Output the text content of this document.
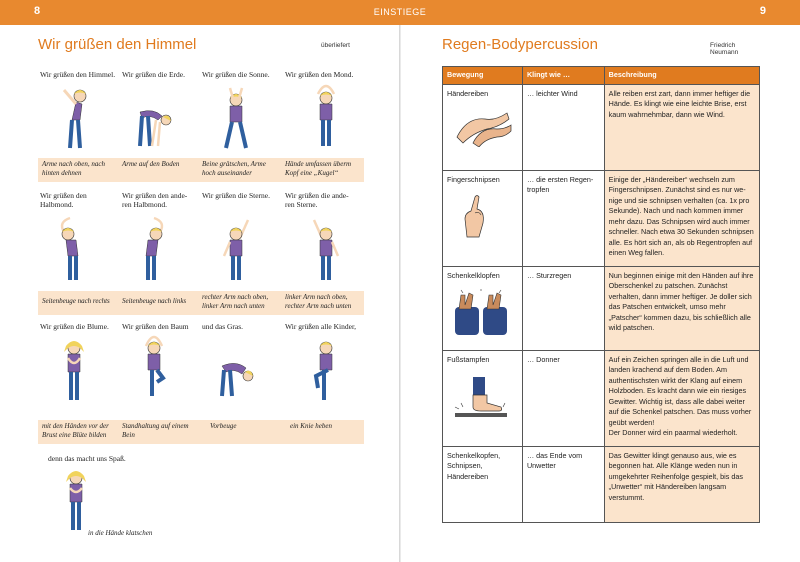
8	EINSTIEGE	9
Wir grüßen den Himmel	überliefert
Wir grüßen den Himmel. Wir grüßen die Erde.	Wir grüßen die Sonne.	Wir grüßen den Mond.
Arme nach oben, nach
hinten dehnen
Arme auf den Boden	Beine grätschen, Arme
hoch auseinander
Hände umfassen überm
Kopf eine „Kugel“
Wir grüßen den Halbmond.
Wir grüßen den ande-
ren Halbmond.
Wir grüßen die Sterne.	Wir grüßen die ande-
ren Sterne.
Seitenbeuge nach rechts	Seitenbeuge nach links	rechter Arm nach oben,
linker Arm nach unten
linker Arm nach oben,
rechter Arm nach unten
Wir grüßen die Blume.	Wir grüßen den Baum	und das Gras.	Wir grüßen alle Kinder,
mit den Händen vor der
Brust eine Blüte bilden
Standhaltung auf einem
Bein
Vorbeuge	ein Knie heben
denn das macht uns Spaß.
in die Hände klatschen
Regen-Bodypercussion	Friedrich Neumann
Bewegung	Klingt wie …	Beschreibung
Händereiben	… leichter Wind	Alle reiben erst zart, dann immer heftiger die Hände. Es klingt wie eine leichte Brise, erst kaum wahrnehmbar, dann wie Wind.
Fingerschnipsen	… die ersten Regen-tropfen	Einige der „Händereiber“ wechseln zum Fingerschnipsen. Zunächst sind es nur we-nige und sie schnipsen verhalten (ca. 1x pro Sekunde). Nach und nach kommen immer mehr dazu. Das Schnipsen wird auch immer schneller. Nach etwa 30 Sekunden schnipsen alle. Es hört sich an, als ob Regentropfen auf einen Weg fallen.
Schenkelklopfen	… Sturzregen	Nun beginnen einige mit den Händen auf ihre Oberschenkel zu patschen. Zunächst verhalten, dann immer heftiger. Je doller sich das Patschen entwickelt, umso mehr „Patscher“ kommen dazu, bis schließlich alle wild patschen.
Fußstampfen	… Donner	Auf ein Zeichen springen alle in die Luft und landen krachend auf dem Boden. Am authentischsten wirkt der Klang auf einem Holzboden. Es kracht dann wie ein riesiges Gewitter. Wichtig ist, dass alle dabei weiter auf die Schenkel patschen. Das muss vorher geübt werden!
Der Donner wird ein paarmal wiederholt.
Schenkelkopfen, Schnipsen, Händereiben	… das Ende vom Unwetter	Das Gewitter klingt genauso aus, wie es begonnen hat. Alle Klänge weden nun in umgekehrter Reihenfolge gespielt, bis das „Unwetter“ mit Händereiben langsam verstummt.
